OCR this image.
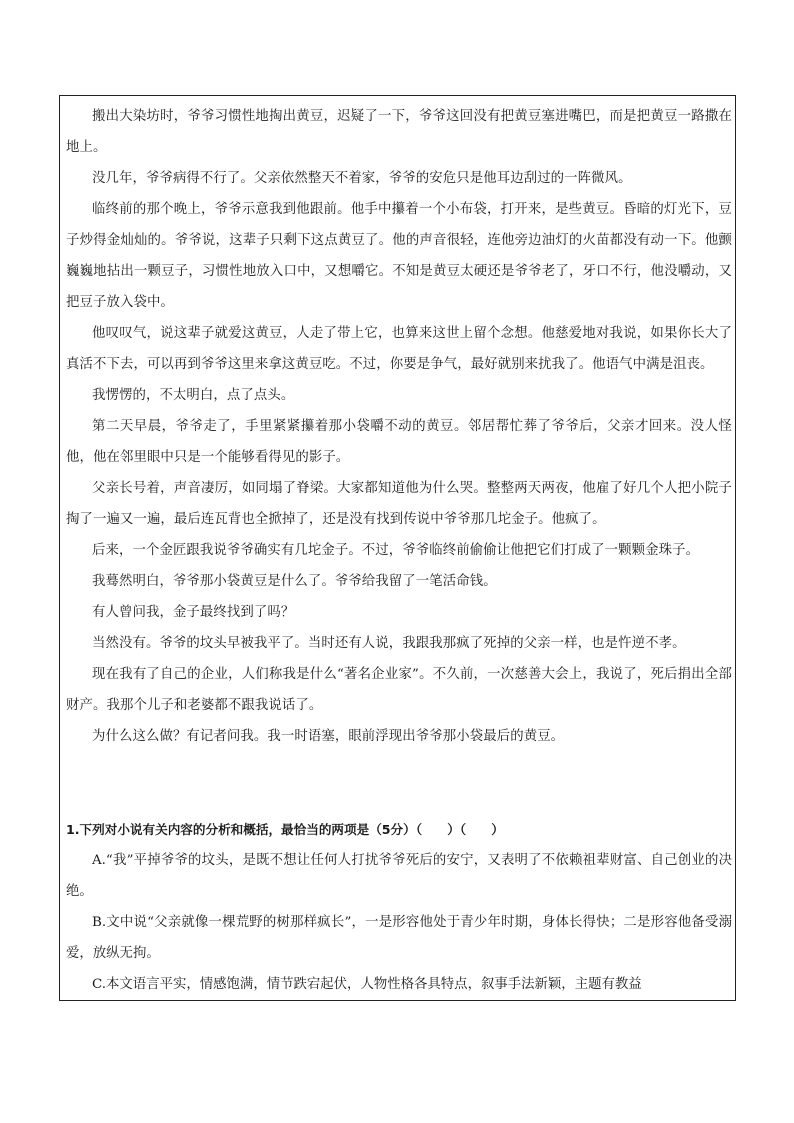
搬出大染坊时，爷爷习惯性地掏出黄豆，迟疑了一下，爷爷这回没有把黄豆塞进嘴巴，而是把黄豆一路撒在地上。

没几年，爷爷病得不行了。父亲依然整天不着家，爷爷的安危只是他耳边刮过的一阵微风。

临终前的那个晚上，爷爷示意我到他跟前。他手中攥着一个小布袋，打开来，是些黄豆。昏暗的灯光下，豆子炒得金灿灿的。爷爷说，这辈子只剩下这点黄豆了。他的声音很轻，连他旁边油灯的火苗都没有动一下。他颤巍巍地拈出一颗豆子，习惯性地放入口中，又想嚼它。不知是黄豆太硬还是爷爷老了，牙口不行，他没嚼动，又把豆子放入袋中。

他叹叹气，说这辈子就爱这黄豆，人走了带上它，也算来这世上留个念想。他慈爱地对我说，如果你长大了真活不下去，可以再到爷爷这里来拿这黄豆吃。不过，你要是争气，最好就别来扰我了。他语气中满是沮丧。

我愣愣的，不太明白，点了点头。

第二天早晨，爷爷走了，手里紧紧攥着那小袋嚼不动的黄豆。邻居帮忙葬了爷爷后，父亲才回来。没人怪他，他在邻里眼中只是一个能够看得见的影子。

父亲长号着，声音凄厉，如同塌了脊梁。大家都知道他为什么哭。整整两天两夜，他雇了好几个人把小院子掏了一遍又一遍，最后连瓦背也全掀掉了，还是没有找到传说中爷爷那几坨金子。他疯了。

后来，一个金匠跟我说爷爷确实有几坨金子。不过，爷爷临终前偷偷让他把它们打成了一颗颗金珠子。

我蓦然明白，爷爷那小袋黄豆是什么了。爷爷给我留了一笔活命钱。

有人曾问我，金子最终找到了吗？

当然没有。爷爷的坟头早被我平了。当时还有人说，我跟我那疯了死掉的父亲一样，也是忤逆不孝。

现在我有了自己的企业，人们称我是什么“著名企业家”。不久前，一次慈善大会上，我说了，死后捐出全部财产。我那个儿子和老婆都不跟我说话了。

为什么这么做？有记者问我。我一时语塞，眼前浮现出爷爷那小袋最后的黄豆。

1.下列对小说有关内容的分析和概括，最恰当的两项是（5分）（　　）（　　）

A.“我”平掉爷爷的坟头，是既不想让任何人打扰爷爷死后的安宁，又表明了不依赖祖辈财富、自己创业的决绝。

B.文中说“父亲就像一棵荒野的树那样疯长”，一是形容他处于青少年时期，身体长得快；二是形容他备受溺爱，放纵无拘。

C.本文语言平实，情感饱满，情节跌宕起伏，人物性格各具特点，叙事手法新颖，主题有教益
